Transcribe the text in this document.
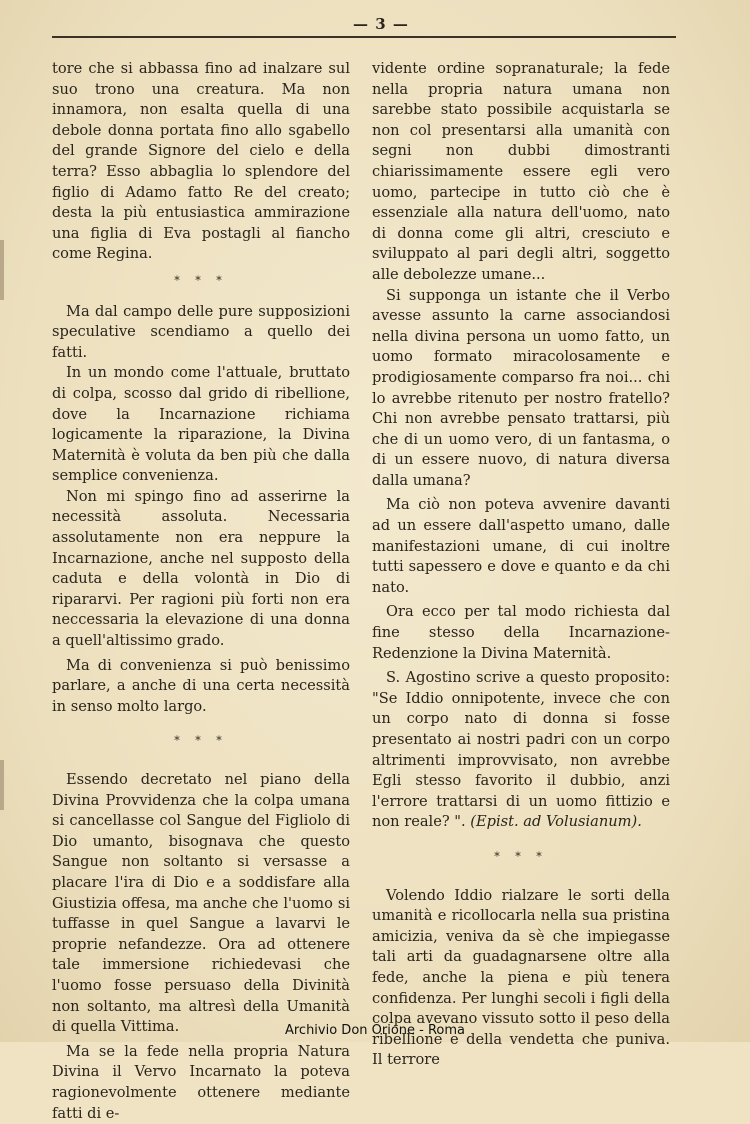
— 3 —

tore che si abbassa fino ad inalzare sul suo trono una creatura. Ma non innamora, non esalta quella di una debole donna portata fino allo sgabello del grande Signore del cielo e della terra? Esso abbaglia lo splendore del figlio di Adamo fatto Re del creato; desta la più entusiastica ammirazione una figlia di Eva postagli al fiancho come Regina.

* * *

Ma dal campo delle pure supposizioni speculative scendiamo a quello dei fatti.

In un mondo come l'attuale, bruttato di colpa, scosso dal grido di ribellione, dove la Incarnazione richiama logicamente la riparazione, la Divina Maternità è voluta da ben più che dalla semplice convenienza.

Non mi spingo fino ad asserirne la necessità assoluta. Necessaria assolutamente non era neppure la Incarnazione, anche nel supposto della caduta e della volontà in Dio di ripararvi. Per ragioni più forti non era neccessaria la elevazione di una donna a quell'altissimo grado.

Ma di convenienza si può benissimo parlare, a anche di una certa necessità in senso molto largo.

* * *

Essendo decretato nel piano della Divina Provvidenza che la colpa umana si cancellasse col Sangue del Figliolo di Dio umanto, bisognava che questo Sangue non soltanto si versasse a placare l'ira di Dio e a soddisfare alla Giustizia offesa, ma anche che l'uomo si tuffasse in quel Sangue a lavarvi le proprie nefandezze. Ora ad ottenere tale immersione richiedevasi che l'uomo fosse persuaso della Divinità non soltanto, ma altresì della Umanità di quella Vittima.

Ma se la fede nella propria Natura Divina il Vervo Incarnato la poteva ragionevolmente ottenere mediante fatti di e-

vidente ordine sopranaturale; la fede nella propria natura umana non sarebbe stato possibile acquistarla se non col presentarsi alla umanità con segni non dubbi dimostranti chiarissimamente essere egli vero uomo, partecipe in tutto ciò che è essenziale alla natura dell'uomo, nato di donna come gli altri, cresciuto e sviluppato al pari degli altri, soggetto alle debolezze umane...

Si supponga un istante che il Verbo avesse assunto la carne associandosi nella divina persona un uomo fatto, un uomo formato miracolosamente e prodigiosamente comparso fra noi... chi lo avrebbe ritenuto per nostro fratello? Chi non avrebbe pensato trattarsi, più che di un uomo vero, di un fantasma, o di un essere nuovo, di natura diversa dalla umana?

Ma ciò non poteva avvenire davanti ad un essere dall'aspetto umano, dalle manifestazioni umane, di cui inoltre tutti sapessero e dove e quanto e da chi nato.

Ora ecco per tal modo richiesta dal fine stesso della Incarnazione-Redenzione la Divina Maternità.

S. Agostino scrive a questo proposito: "Se Iddio onnipotente, invece che con un corpo nato di donna si fosse presentato ai nostri padri con un corpo altrimenti improvvisato, non avrebbe Egli stesso favorito il dubbio, anzi l'errore trattarsi di un uomo fittizio e non reale? ". (Epist. ad Volusianum).

* * *

Volendo Iddio rialzare le sorti della umanità e ricollocarla nella sua pristina amicizia, veniva da sè che impiegasse tali arti da guadagnarsene oltre alla fede, anche la piena e più tenera confidenza. Per lunghi secoli i figli della colpa avevano vissuto sotto il peso della ribellione e della vendetta che puniva. Il terrore

Archivio Don Orione - Roma
